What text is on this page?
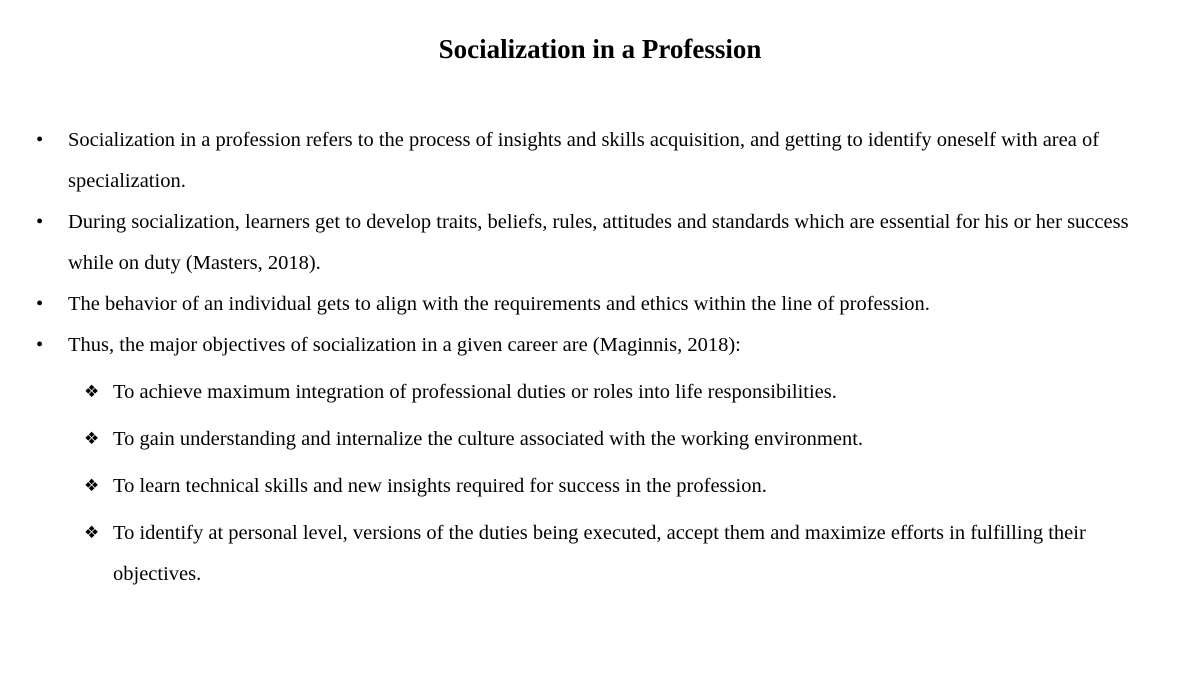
Socialization in a Profession
•	Socialization in a profession refers to the process of insights and skills acquisition, and getting to identify oneself with area of specialization.
•	During socialization, learners get to develop traits, beliefs, rules, attitudes and standards which are essential for his or her success while on duty (Masters, 2018).
•	The behavior of an individual gets to align with the requirements and ethics within the line of profession.
•	Thus, the major objectives of socialization in a given career are (Maginnis, 2018):
❖ To achieve maximum integration of professional duties or roles into life responsibilities.
❖ To gain understanding and internalize the culture associated with the working environment.
❖ To learn technical skills and new insights required for success in the profession.
❖ To identify at personal level, versions of the duties being executed, accept them and maximize efforts in fulfilling their objectives.
